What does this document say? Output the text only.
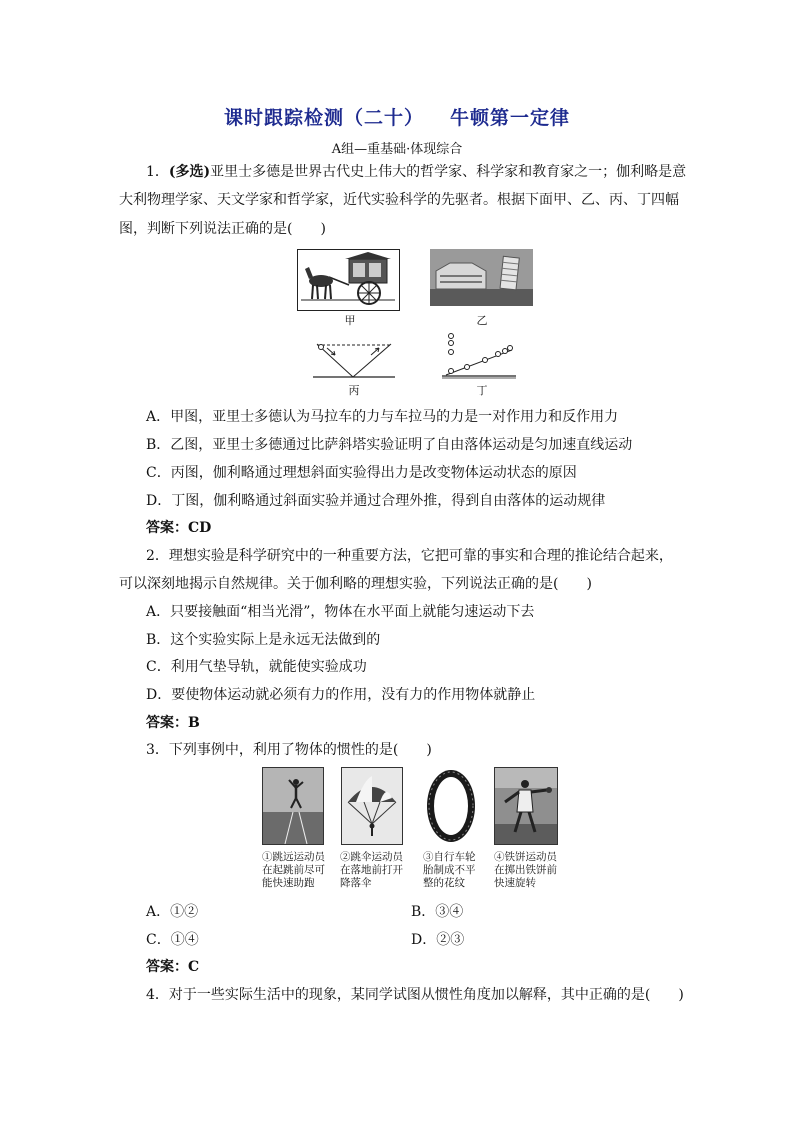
课时跟踪检测（二十） 牛顿第一定律
A组—重基础·体现综合
1．(多选)亚里士多德是世界古代史上伟大的哲学家、科学家和教育家之一；伽利略是意
大利物理学家、天文学家和哲学家，近代实验科学的先驱者。根据下面甲、乙、丙、丁四幅
图，判断下列说法正确的是(　　)
甲	乙
丙	丁
A．甲图，亚里士多德认为马拉车的力与车拉马的力是一对作用力和反作用力
B．乙图，亚里士多德通过比萨斜塔实验证明了自由落体运动是匀加速直线运动
C．丙图，伽利略通过理想斜面实验得出力是改变物体运动状态的原因
D．丁图，伽利略通过斜面实验并通过合理外推，得到自由落体的运动规律
答案：CD
2．理想实验是科学研究中的一种重要方法，它把可靠的事实和合理的推论结合起来，
可以深刻地揭示自然规律。关于伽利略的理想实验，下列说法正确的是(　　)
A．只要接触面“相当光滑”，物体在水平面上就能匀速运动下去
B．这个实验实际上是永远无法做到的
C．利用气垫导轨，就能使实验成功
D．要使物体运动就必须有力的作用，没有力的作用物体就静止
答案：B
3．下列事例中，利用了物体的惯性的是(　　)
①跳远运动员
在起跳前尽可
能快速助跑
②跳伞运动员
在落地前打开
降落伞
③自行车轮
胎制成不平
整的花纹
④铁饼运动员
在掷出铁饼前
快速旋转
A．①②	B．③④
C．①④	D．②③
答案：C
4．对于一些实际生活中的现象，某同学试图从惯性角度加以解释，其中正确的是(　　)
